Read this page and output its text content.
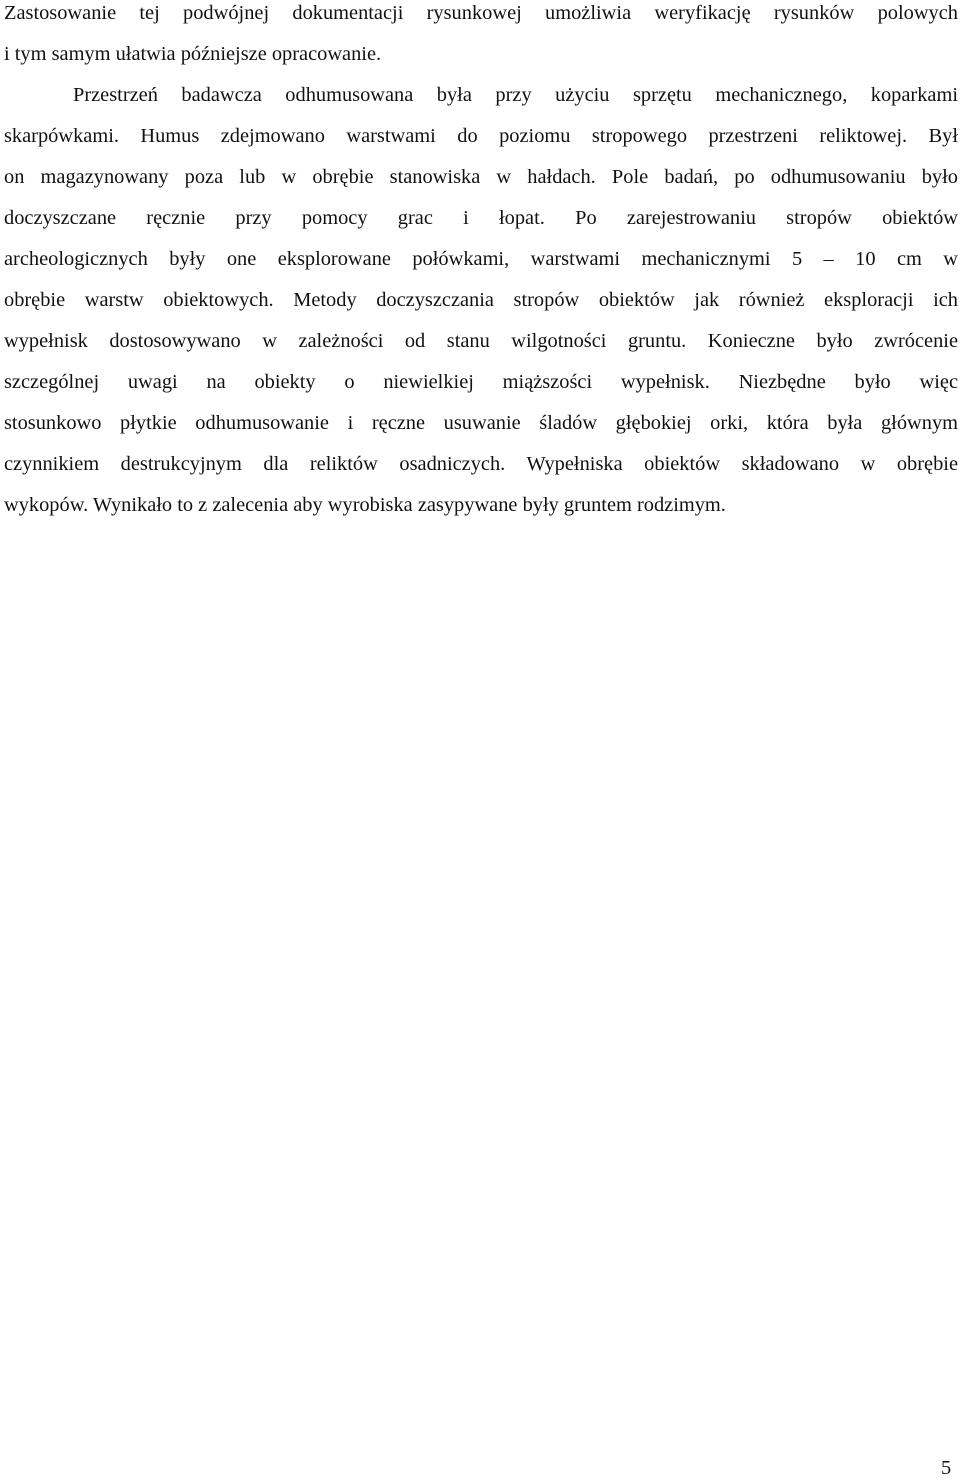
Zastosowanie tej podwójnej dokumentacji rysunkowej umożliwia weryfikację rysunków polowych
i tym samym ułatwia późniejsze opracowanie.
Przestrzeń badawcza odhumusowana była przy użyciu sprzętu mechanicznego, koparkami
skarpówkami. Humus zdejmowano warstwami do poziomu stropowego przestrzeni reliktowej. Był
on magazynowany poza lub w obrębie stanowiska w hałdach. Pole badań, po odhumusowaniu było
doczyszczane ręcznie przy pomocy grac i łopat. Po zarejestrowaniu stropów obiektów
archeologicznych były one eksplorowane połówkami, warstwami mechanicznymi 5 – 10 cm w
obrębie warstw obiektowych. Metody doczyszczania stropów obiektów jak również eksploracji ich
wypełnisk dostosowywano w zależności od stanu wilgotności gruntu. Konieczne było zwrócenie
szczególnej uwagi na obiekty o niewielkiej miąższości wypełnisk. Niezbędne było więc
stosunkowo płytkie odhumusowanie i ręczne usuwanie śladów głębokiej orki, która była głównym
czynnikiem destrukcyjnym dla reliktów osadniczych. Wypełniska obiektów składowano w obrębie
wykopów. Wynikało to z zalecenia aby wyrobiska zasypywane były gruntem rodzimym.
5
